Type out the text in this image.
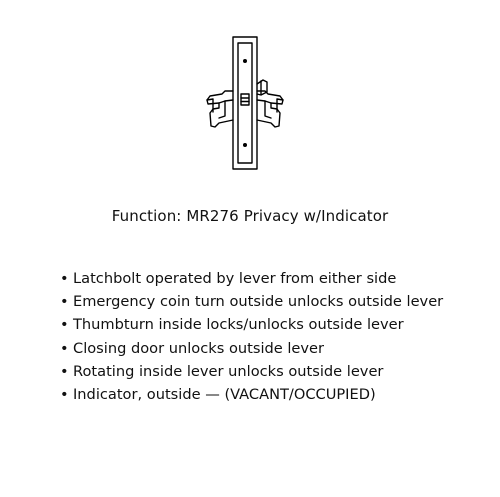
Function: MR276 Privacy w/Indicator
• Latchbolt operated by lever from either side
• Emergency coin turn outside unlocks outside lever
• Thumbturn inside locks/unlocks outside lever
• Closing door unlocks outside lever
• Rotating inside lever unlocks outside lever
• Indicator, outside — (VACANT/OCCUPIED)
